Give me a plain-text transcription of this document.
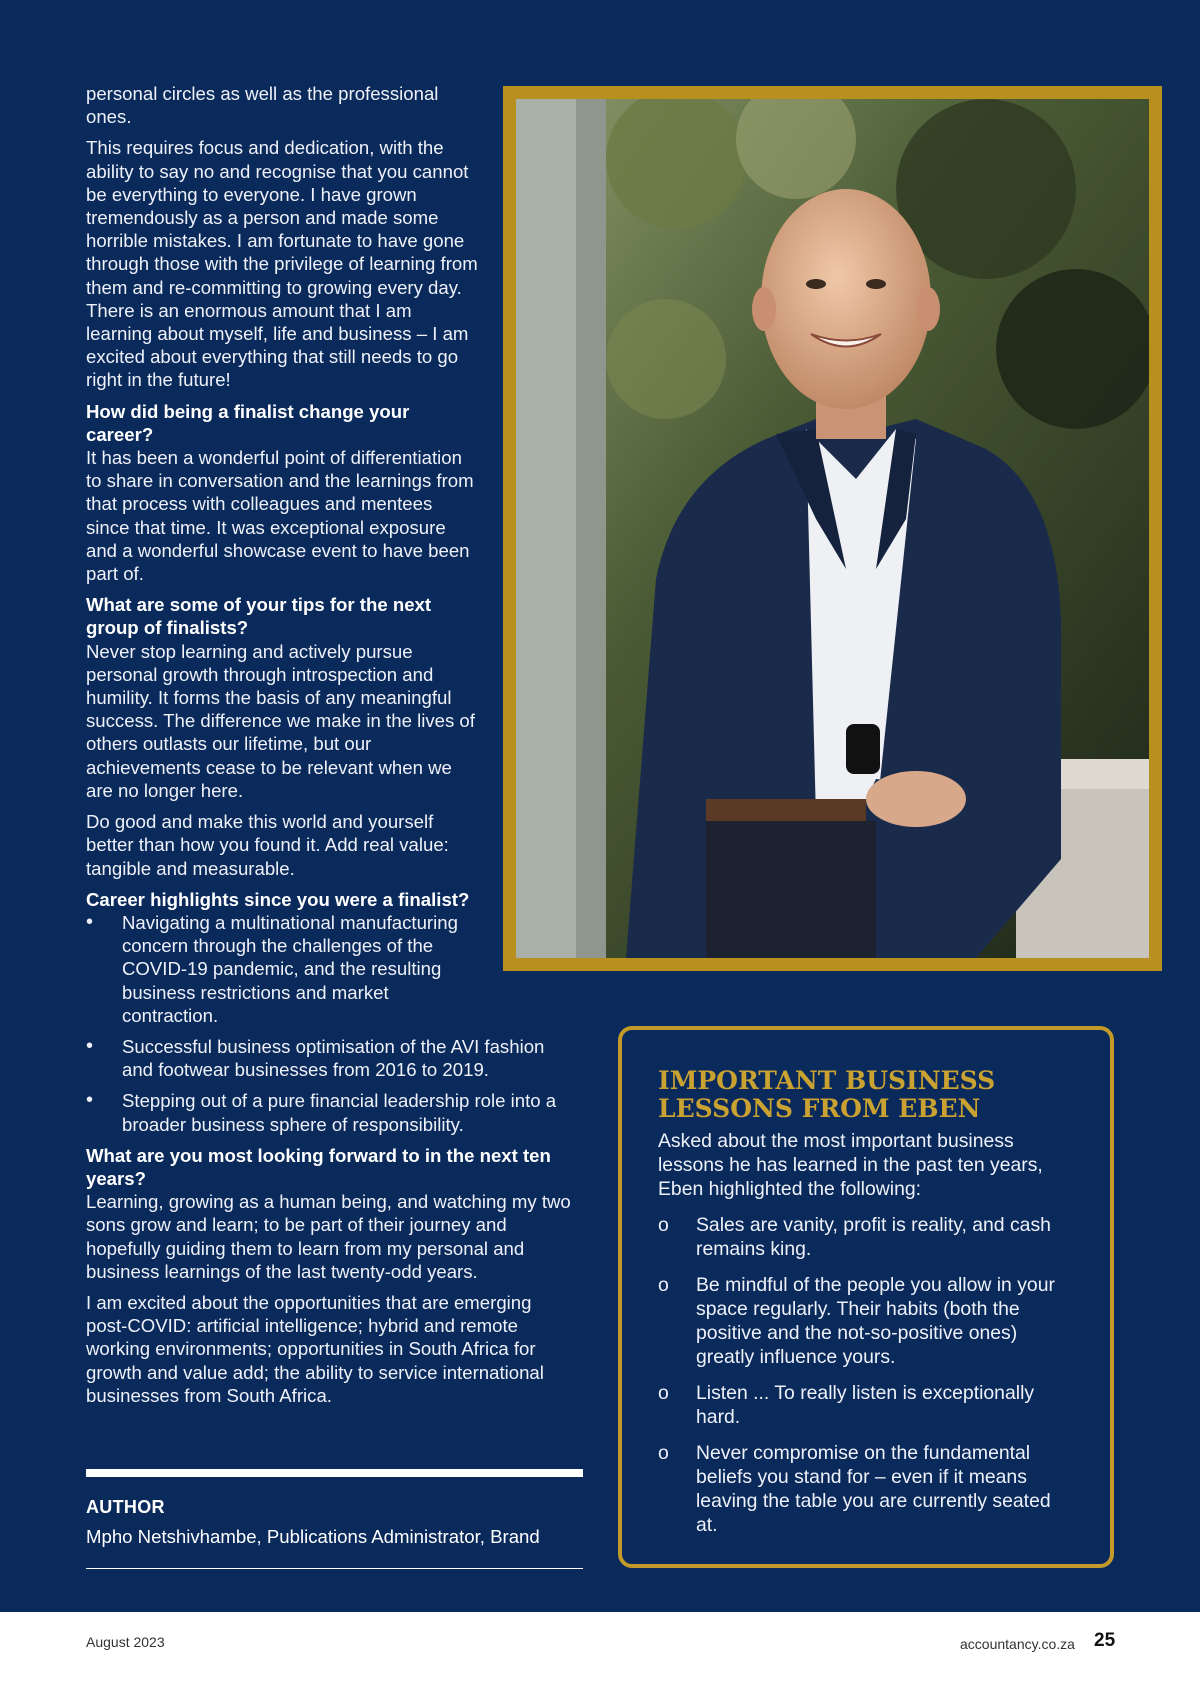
personal circles as well as the professional ones.

This requires focus and dedication, with the ability to say no and recognise that you cannot be everything to everyone. I have grown tremendously as a person and made some horrible mistakes. I am fortunate to have gone through those with the privilege of learning from them and re-committing to growing every day. There is an enormous amount that I am learning about myself, life and business – I am excited about everything that still needs to go right in the future!

How did being a finalist change your career?

It has been a wonderful point of differentiation to share in conversation and the learnings from that process with colleagues and mentees since that time. It was exceptional exposure and a wonderful showcase event to have been part of.

What are some of your tips for the next group of finalists?

Never stop learning and actively pursue personal growth through introspection and humility. It forms the basis of any meaningful success. The difference we make in the lives of others outlasts our lifetime, but our achievements cease to be relevant when we are no longer here.

Do good and make this world and yourself better than how you found it. Add real value: tangible and measurable.

Career highlights since you were a finalist?

• Navigating a multinational manufacturing concern through the challenges of the COVID-19 pandemic, and the resulting business restrictions and market contraction.
• Successful business optimisation of the AVI fashion and footwear businesses from 2016 to 2019.
• Stepping out of a pure financial leadership role into a broader business sphere of responsibility.

What are you most looking forward to in the next ten years?

Learning, growing as a human being, and watching my two sons grow and learn; to be part of their journey and hopefully guiding them to learn from my personal and business learnings of the last twenty-odd years.

I am excited about the opportunities that are emerging post-COVID: artificial intelligence; hybrid and remote working environments; opportunities in South Africa for growth and value add; the ability to service international businesses from South Africa.

AUTHOR
Mpho Netshivhambe, Publications Administrator, Brand
IMPORTANT BUSINESS LESSONS FROM EBEN

Asked about the most important business lessons he has learned in the past ten years, Eben highlighted the following:

o Sales are vanity, profit is reality, and cash remains king.
o Be mindful of the people you allow in your space regularly. Their habits (both the positive and the not-so-positive ones) greatly influence yours.
o Listen ... To really listen is exceptionally hard.
o Never compromise on the fundamental beliefs you stand for – even if it means leaving the table you are currently seated at.
August 2023	accountancy.co.za 25
